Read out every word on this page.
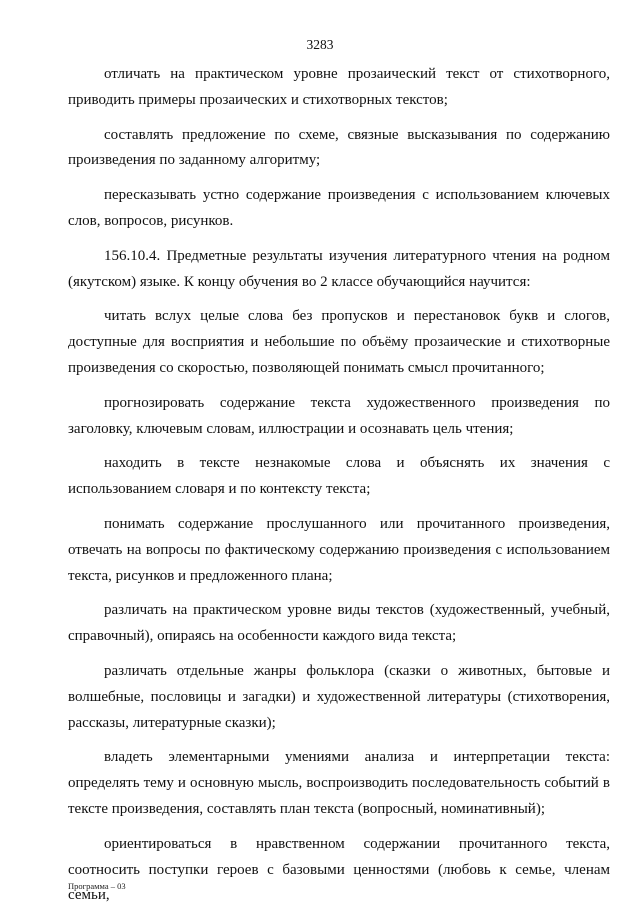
3283

отличать на практическом уровне прозаический текст от стихотворного, приводить примеры прозаических и стихотворных текстов;

составлять предложение по схеме, связные высказывания по содержанию произведения по заданному алгоритму;

пересказывать устно содержание произведения с использованием ключевых слов, вопросов, рисунков.

156.10.4. Предметные результаты изучения литературного чтения на родном (якутском) языке. К концу обучения во 2 классе обучающийся научится:

читать вслух целые слова без пропусков и перестановок букв и слогов, доступные для восприятия и небольшие по объёму прозаические и стихотворные произведения со скоростью, позволяющей понимать смысл прочитанного;

прогнозировать содержание текста художественного произведения по заголовку, ключевым словам, иллюстрации и осознавать цель чтения;

находить в тексте незнакомые слова и объяснять их значения с использованием словаря и по контексту текста;

понимать содержание прослушанного или прочитанного произведения, отвечать на вопросы по фактическому содержанию произведения с использованием текста, рисунков и предложенного плана;

различать на практическом уровне виды текстов (художественный, учебный, справочный), опираясь на особенности каждого вида текста;

различать отдельные жанры фольклора (сказки о животных, бытовые и волшебные, пословицы и загадки) и художественной литературы (стихотворения, рассказы, литературные сказки);

владеть элементарными умениями анализа и интерпретации текста: определять тему и основную мысль, воспроизводить последовательность событий в тексте произведения, составлять план текста (вопросный, номинативный);

ориентироваться в нравственном содержании прочитанного текста, соотносить поступки героев с базовыми ценностями (любовь к семье, членам семьи,

Программа – 03
